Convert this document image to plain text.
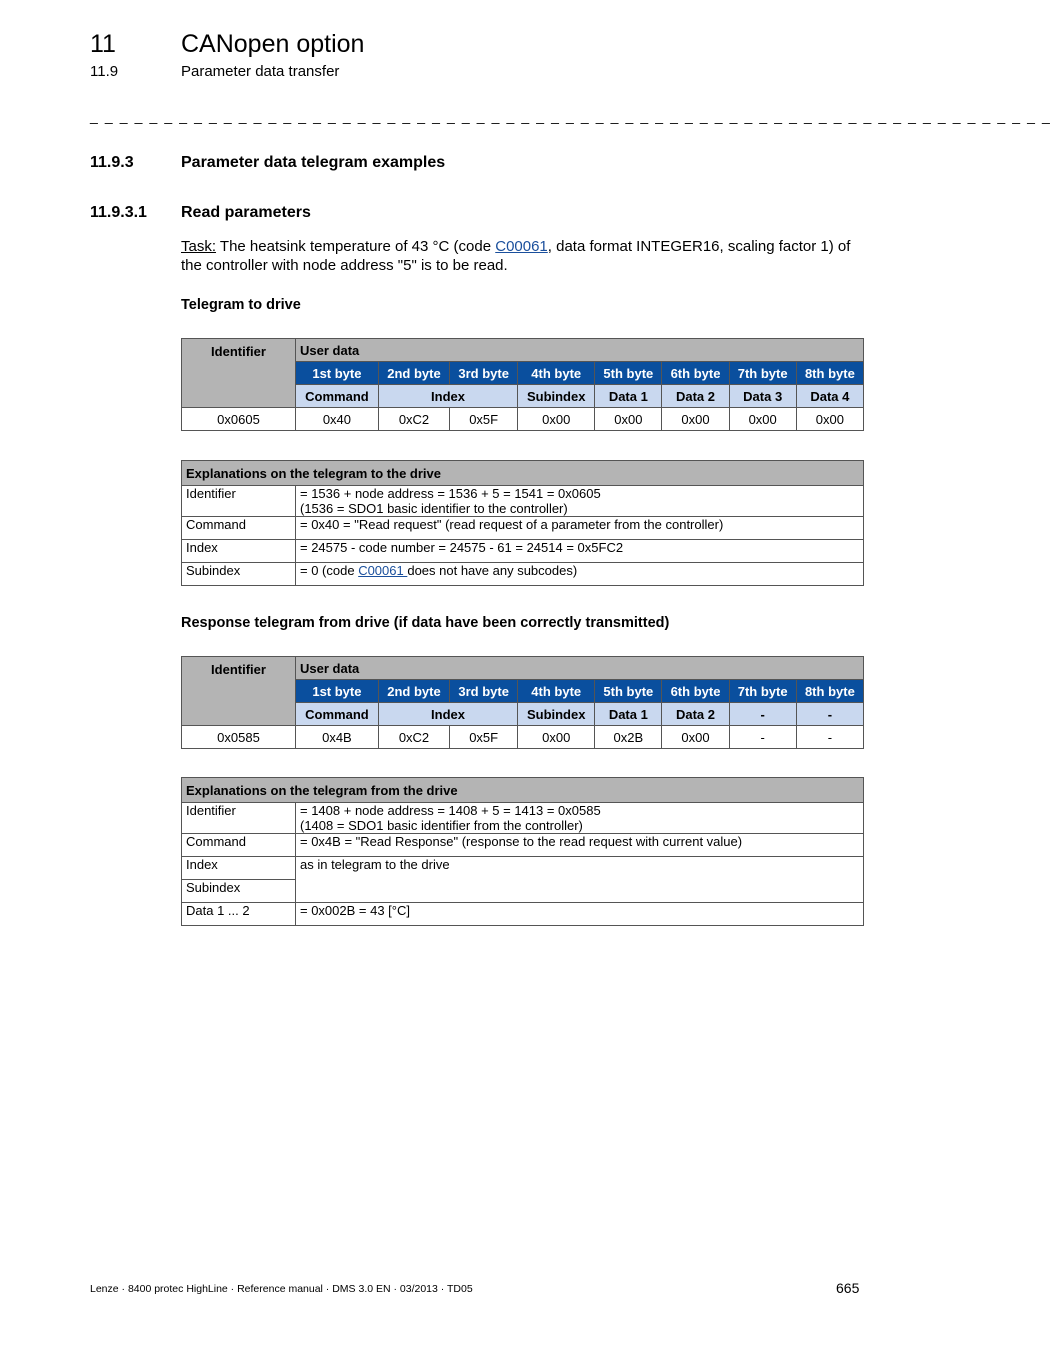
11	CANopen option
11.9	Parameter data transfer
_ _ _ _ _ _ _ _ _ _ _ _ _ _ _ _ _ _ _ _ _ _ _ _ _ _ _ _ _ _ _ _ _ _ _ _ _ _ _ _ _ _ _ _ _ _ _ _ _ _ _ _ _ _ _ _ _ _ _ _ _ _ _ _ _
11.9.3	Parameter data telegram examples
11.9.3.1 Read parameters
Task: The heatsink temperature of 43 °C (code C00061, data format INTEGER16, scaling factor 1) of the controller with node address "5" is to be read.
Telegram to drive
Identifier	User data							
	1st byte	2nd byte	3rd byte	4th byte	5th byte	6th byte	7th byte	8th byte
	Command	Index		Subindex	Data 1	Data 2	Data 3	Data 4
0x0605	0x40	0xC2	0x5F	0x00	0x00	0x00	0x00	0x00
Explanations on the telegram to the drive	
Identifier	= 1536 + node address = 1536 + 5 = 1541 = 0x0605
(1536 = SDO1 basic identifier to the controller)

Command	= 0x40 = "Read request" (read request of a parameter from the controller)
Index	= 24575 - code number = 24575 - 61 = 24514 = 0x5FC2
Subindex	= 0 (code C00061 does not have any subcodes)
Response telegram from drive (if data have been correctly transmitted)
Identifier	User data							
	1st byte	2nd byte	3rd byte	4th byte	5th byte	6th byte	7th byte	8th byte
	Command	Index		Subindex	Data 1	Data 2	-	-
0x0585	0x4B	0xC2	0x5F	0x00	0x2B	0x00	-	-
Explanations on the telegram from the drive	
Identifier	= 1408 + node address = 1408 + 5 = 1413 = 0x0585
(1408 = SDO1 basic identifier from the controller)

Command	= 0x4B = "Read Response" (response to the read request with current value)
Index	as in telegram to the drive
Subindex	
Data 1 ... 2	= 0x002B = 43 [°C]
Lenze · 8400 protec HighLine · Reference manual · DMS 3.0 EN · 03/2013 · TD05	665
